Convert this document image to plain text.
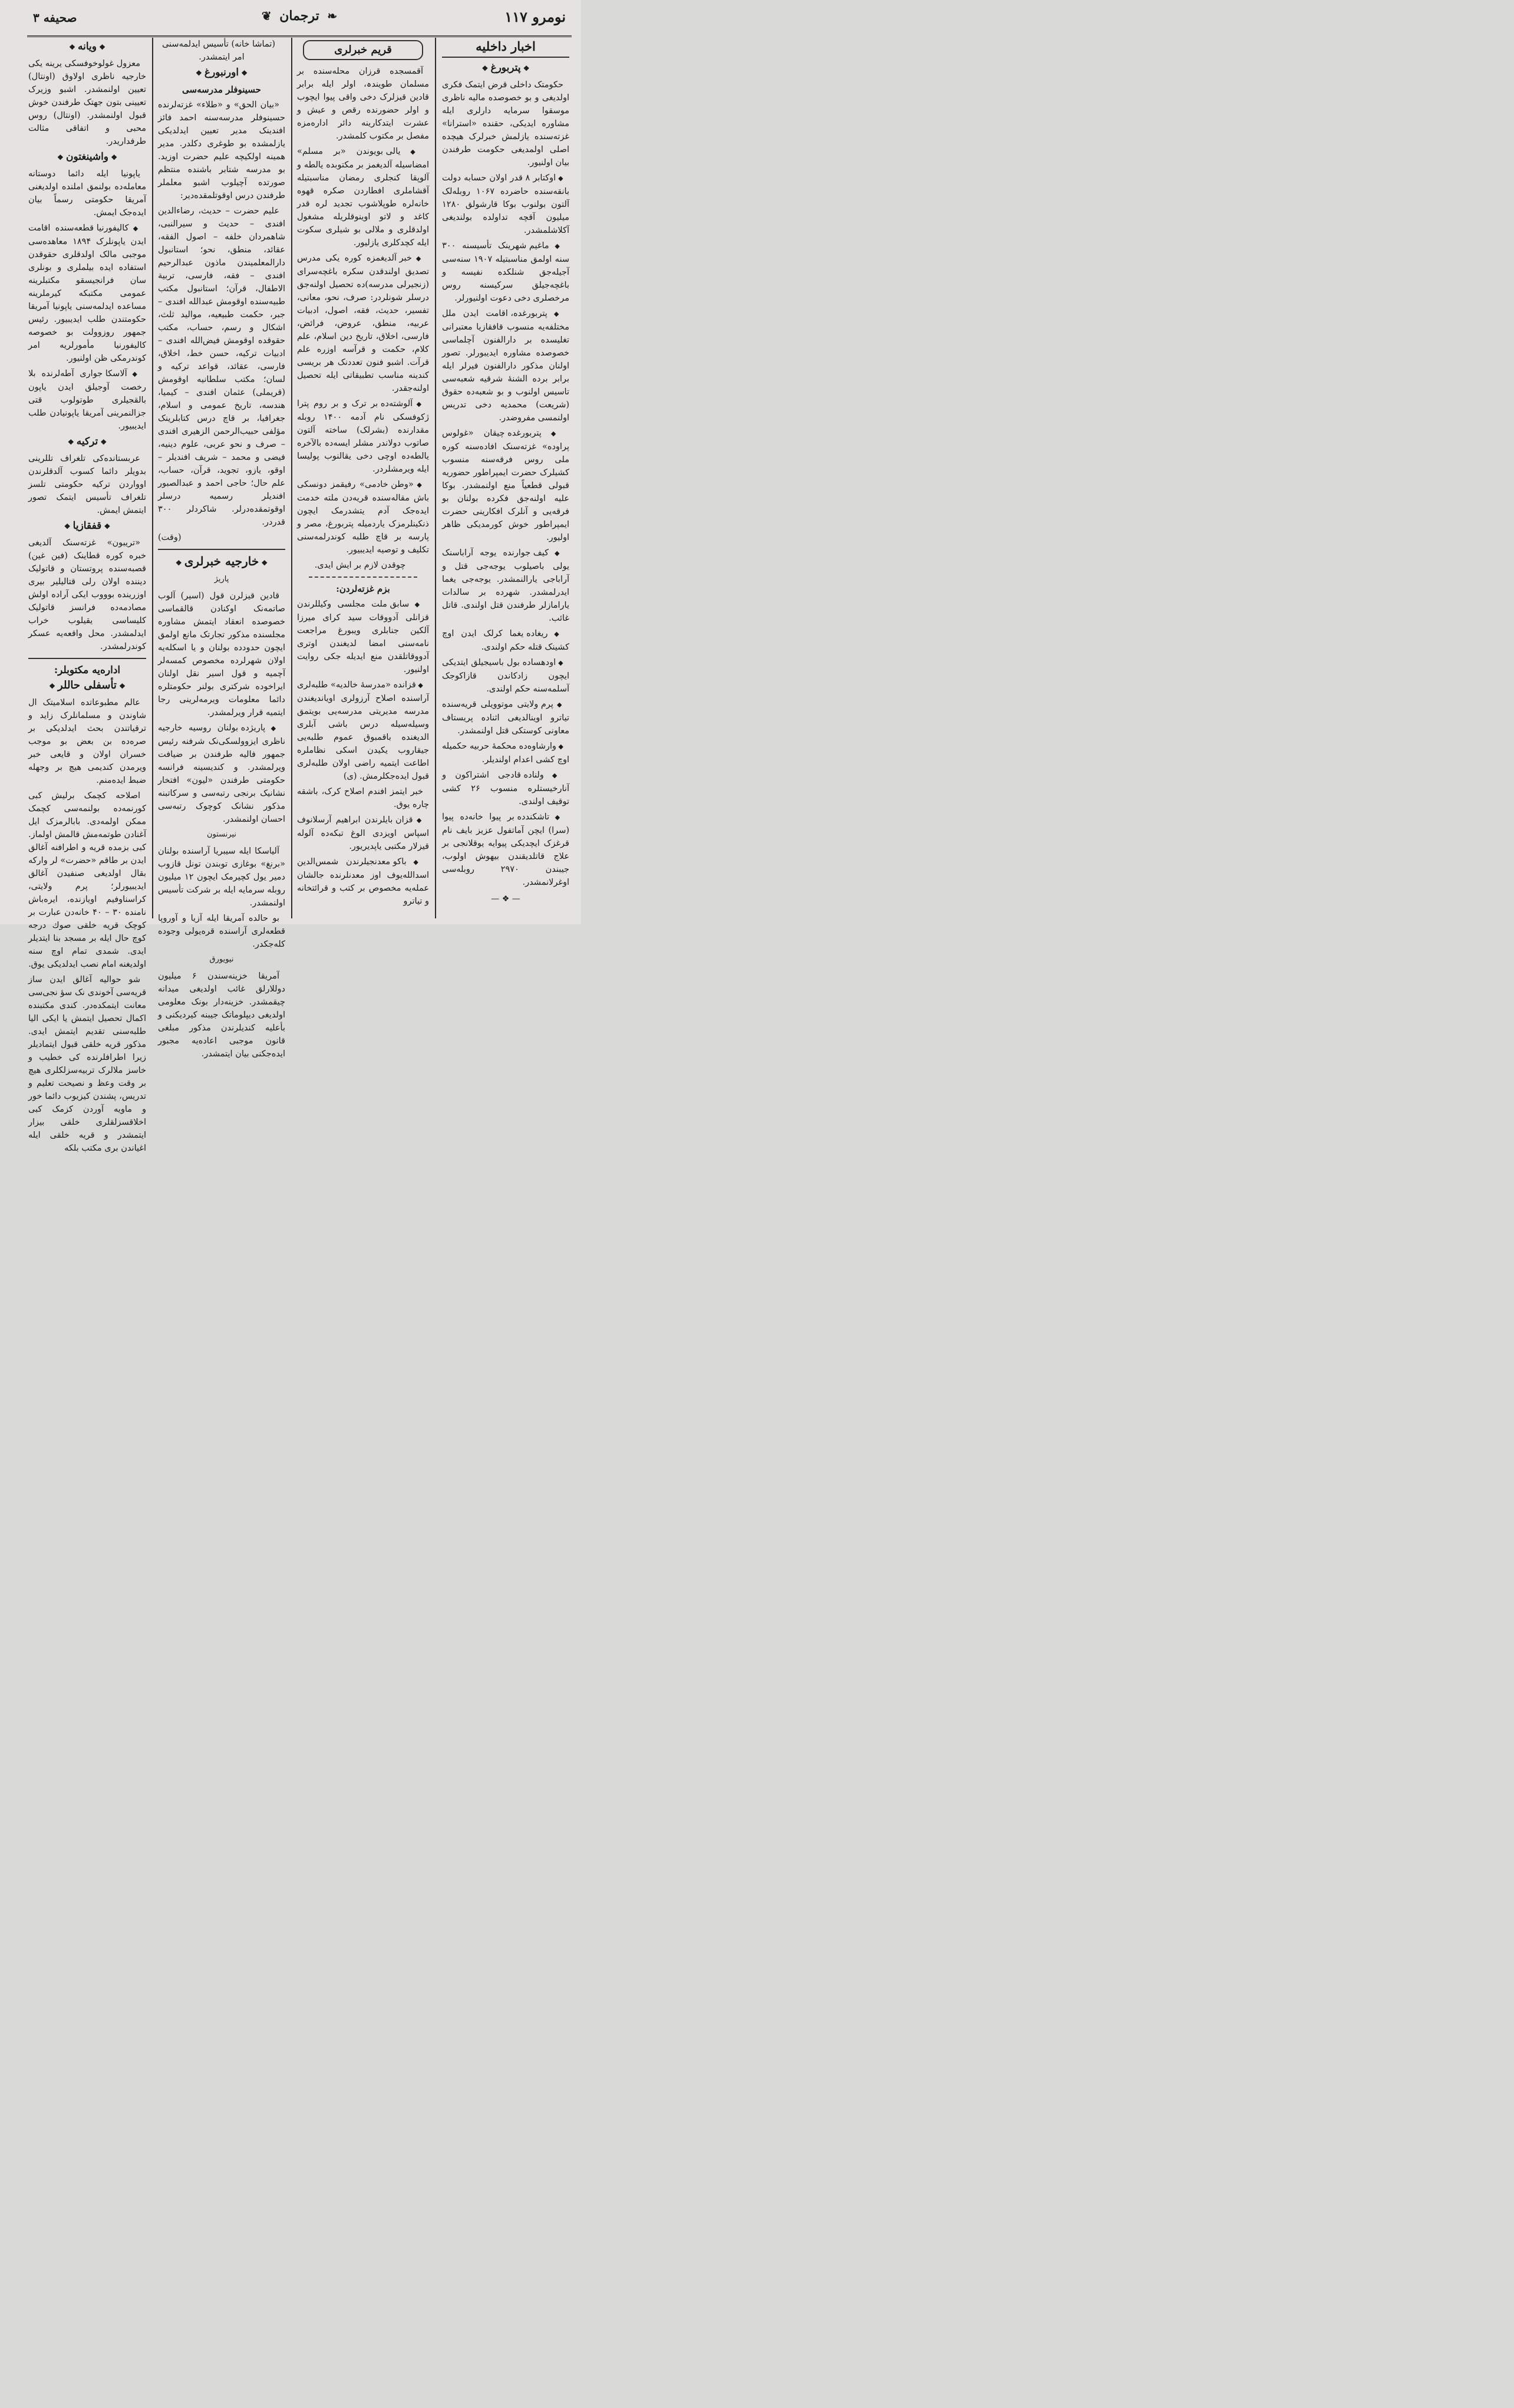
نومرو ۱۱۷
❦ ترجمان ❧
صحیفه ۳
اخبار داخلیه
❖ پتربورغ ❖

حکومتک داخلی قرض ایتمک فکری اولدیغی و بو خصوصده مالیه ناظری موسقوا سرمایه دارلری ایله مشاوره ایدیکی، حقنده «استرانا» غزته‌سنده یازلمش خبرلرک هیچده اصلی اولمدیغی حکومت طرفندن بیان اولنیور.

◆ اوکتابر ۸ قدر اولان حسابه دولت بانقه‌سنده حاضرده ۱۰۶۷ روبله‌لک آلتون بولنوب بوکا قارشولق ۱۲۸۰ میلیون آقچه تداولده بولندیغی آکلاشلمشدر.

◆ ماغیم شهرینک تأسیسنه ۳۰۰ سنه اولمق مناسبتیله ۱۹۰۷ سنه‌سی آجیله‌جق شنلکده نفیسه و باغچه‌جیلق سرکیسنه روس مرخصلری دخی دعوت اولنیورلر.

◆ پتربورغده، اقامت ایدن ملل مختلفه‌یه منسوب قافقازیا معتبرانی تغلیسده بر دارالفنون آچلماسی خصوصده مشاوره ایدیبورلر. تصور اولنان مذکور دارالفنون فیرلر ایله برابر برده الشنهٔ شرقیه شعبه‌سی تاسیس اولنوب و بو شعبه‌ده حقوق (شریعت) محمدیه دخی تدریس اولنمسی مفروضدر.

◆ پتربورغده چیقان «غولوس پراوده» غزته‌سنک افاده‌سنه کوره ملی روس فرقه‌سنه منسوب کشیلرک حضرت ایمپراطور حضوریه قبولی قطعیاً منع اولنمشدر. بوکا علیه اولنه‌جق فکرده بولنان بو فرقه‌یی و آنلرک افکارینی حضرت ایمپراطور خوش کورمدیکی ظاهر اولیور.

◆ کیف جوارنده یوجه آراباسنک یولی باصیلوب یوجه‌جی قتل و آراباجی یارالنمشدر. یوجه‌جی یغما ایدرلمشدر. شهرده بر سالدات یارامازلر طرفندن قتل اولندی. قاتل غائب.

◆ ریغاده یغما کرلک ایدن اوچ کشینک قتله حکم اولندی.

◆ اودهساده بول باسیجیلق ایتدیکی ایچون زادکاندن قازاکوجک آسلمه‌سنه حکم اولندی.

◆ پرم ولایتی موتوویلی قریه‌سنده تیاترو اوینالدیغی اثناده پریستاف معاونی کوستکی قتل اولنمشدر.

◆ وارشاوه‌ده محکمهٔ حربیه حکمیله اوچ کشی اعدام اولندیلر.

◆ ولناده قادجی اشتراکون و آنارخیستلره منسوب ۲۶ کشی توقیف اولندی.

◆ تاشکندده بر پیوا خانه‌ده پیوا (سرا) ایچن آماتفول عزیز بایف نام قرغزک ایچدیکی پیوایه یوقلانجی بر علاج قاتلدیقندن بیهوش اولوب، جیبندن ۲۹۷۰ روبله‌سی اوغرلانمشدر.

— ❖ —
قریم خبرلری

آقمسجده قرزان محله‌سنده بر مسلمان طویندہ، اولر ایله برابر قادین قیزلرک دخی واقی پیوا ایچوب و اولر حضورنده رقص و عیش و عشرت ایتدکارینه دائر اداره‌مزه مفصل بر مکتوب کلمشدر.

◆ یالی بویوندن «بر مسلم» امضاسیله آلدیغمز بر مکتوبده یالطه و آلوپقا کنجلری رمضان مناسبتیله آقشاملری افطاردن صکره قهوه خانه‌لره طوپلاشوب تجدید لره قدر کاغد و لاتو اوینوقلریله مشغول اولدقلری و ملالی بو شیلری سکوت ایله کچدکلری یازلیور.

◆ خبر آلدیغمزه کوره یکی مدرس تصدیق اولندقدن سکره باغچه‌سرای (زنجیرلی مدرسه)‌ده تحصیل اولنه‌جق درسلر شونلردر: صرف، نحو، معانی، تفسیر، حدیث، فقه، اصول، ادبیات عربیه، منطق، عروض، فرائض، فارسی، اخلاق، تاریخ دین اسلام، علم کلام، حکمت و قرآسه اوزره علم قرآت. اشبو فنون تعددنک هر بریسی کندینه مناسب تطبیقاتی ایله تحصیل اولنه‌جقدر.

◆ آلوشته‌ده بر ترک و بر روم پترا ژکوفسکی نام آدمه ۱۴۰۰ روبله مقدارنده (بشرلک) ساخته آلتون صاتوب دولاندر مشلر ایسه‌ده بالآخره یالطه‌ده اوچی دخی یقالنوب پولیسا ایله ویرمشلردر.

◆ «وطن خادمی» رفیقمز دونسکی باش مقاله‌سنده قریه‌دن ملته خدمت ایده‌جک آدم یتشدرمک ایچون ذنکینلرمزک یاردمیله پتربورغ، مصر و پارسه بر قاچ طلبه کوندرلمه‌سنی تکلیف و توصیه ایدیبیور.

چوقدن لازم بر ایش ایدی.

بزم غزته‌لردن:

◆ سابق ملت مجلسی وکیللرندن قزانلی آدووقات سید کرای میرزا آلکین جنابلری ویبورغ مراجعت نامه‌سنی امضا لدیغندن اوتری آدووقاتلقدن منع ایدیله جکی روایت اولنیور.

◆ قزانده «مدرسهٔ خالدیه» طلبه‌لری آراسنده اصلاح آرزولری اویاندیغندن مدرسه مدیریتی مدرسه‌یی بویتمق وسیله‌سیله درس باشی آبلری الدیغنده باقمبوق عموم طلبه‌یی جیقاروب یکیدن اسکی نظاملره اطاعت ایتمیه راضی اولان طلبه‌لری قبول ایده‌جکلرمش. (ی)

خبر ایتمز افندم اصلاح کرک، باشقه چاره یوق.

◆ قزان بایلرندن ابراهیم آرسلانوف اسپاس اویزدی الوغ تبکه‌ده آلوله قیزلار مکتبی یاپدیریور.

◆ باکو معدنجیلرندن شمس‌الدین اسدالله‌یوف اوز معدنلرنده جالشان عمله‌یه مخصوص بر کتب و قرائتخانه و تیاترو

(تماشا خانه) تأسیس ایدلمه‌سنی امر ایتمشدر.

❖ اورنبورغ ❖
حسینوفلر مدرسه‌سی

«بیان الحق» و «طلاء» غزته‌لرنده حسینوفلر مدرسه‌سنه احمد فائز افندینک مدیر تعیین ایدلدیکی یازلمشده بو طوغری دکلدر. مدیر همینه اولکیچه علیم حضرت اوزید. بو مدرسه شتابر باشنده منتظم صورتده آچیلوب اشبو معلملر طرفندن درس اوقوتلمقده‌دیر:

علیم حضرت – حدیث، رضاءالدین افندی – حدیث و سیرالنبی، شاهمردان خلفه – اصول الفقه، عقائد، منطق، نحو؛ استانبول دارالمعلمیندن ماذون عبدالرحیم افندی – فقه، فارسی، تربیة الاطفال، قرآن؛ استانبول مکتب طبیه‌سنده اوقومش عبدالله افندی – جبر، حکمت طبیعیه، موالید ثلث، اشکال و رسم، حساب، مکتب حقوقده اوقومش فیض‌الله افندی – ادبیات ترکیه، حسن خط، اخلاق، فارسی، عقائد، قواعد ترکیه و لسان؛ مکتب سلطانیه اوقومش (قریملی) عثمان افندی – کیمیا، هندسه، تاریخ عمومی و اسلام، جغرافیا، بر قاچ درس کتابلرینک مؤلفی حبیب‌الرحمن الزهیری افندی – صرف و نحو عربی، علوم دینیه، فیضی و محمد – شریف افندیلر – اوقو، یازو، تجوید، قرآن، حساب، علم حال؛ حاجی احمد و عبدالصبور افندیلر رسمیه درسلر اوقوتمقده‌درلر. شاکردلر ۳۰۰ قدردر.

(وقت)

❖ خارجیه خبرلری ❖
پاریژ

قادین قیزلرن قول (اسیر) آلوب صاتمه‌نک اوکنادن قالقماسی خصوصده انعقاد ایتمش مشاوره مجلسنده مذکور تجارتک مانع اولمق ایچون حدودده بولنان و یا اسکله‌یه اولان شهرلرده مخصوص کمسه‌لر آچمیه و قول اسیر نقل اولنان ایراخوده شرکتری بولنر حکومتلره دائما معلومات ویرمه‌لرینی رجا ایتمیه قرار ویرلمشدر.

◆ پاریژده بولنان روسیه خارجیه ناظری ایزوولسکی‌نک شرفنه رئیس جمهور فالیه طرفندن بر ضیافت ویرلمشدر. و کندیسینه فرانسه حکومتی طرفندن «لیون» افتخار نشانیک برنجی رتبه‌سی و سرکاتبنه مذکور نشانک کوچوک رتبه‌سی احسان اولنمشدر.

نیرنستون

آلیاسکا ایله سیبریا آراسنده بولنان «برنغ» بوغازی توبندن تونل قازوب دمیر یول کچیرمک ایچون ۱۲ میلیون روبله سرمایه ایله بر شرکت تأسیس اولنمشدر.

بو حالده آمریقا ایله آزیا و آوروپا قطعه‌لری آراسنده قره‌یولی وجوده کله‌جکدر.

نیویورق

آمریقا خزینه‌سندن ۶ میلیون دوللارلق غائب اولدیغی میدانه چیقمشدر. خزینه‌دار بونک معلومی اولدیغی دیپلوماتک جیبنه کیردیکنی و بأعلیه کندیلرندن مذکور مبلغی قانون موجبی اعاده‌یه مجبور ایده‌جکنی بیان ایتمشدر.

❖ ویانه ❖

معزول غولوخوفسکی یرینه یکی خارجیه ناظری اولاوق (اونتال) تعیین اولنمشدر. اشبو وزیرک تعیینی بتون جهتک طرفندن خوش قبول اولنمشدر. (اونتال) روس محبی و اتفاقی مثالت طرفداریدر.

❖ واشینغتون ❖

یاپونیا ایله دائما دوستانه معامله‌ده بولنمق املنده اولدیغنی آمریقا حکومتی رسماً بیان ایده‌جک ایمش.

◆ کالیفورنیا قطعه‌سنده اقامت ایدن یاپونلرک ۱۸۹۴ معاهده‌سی موجبی مالک اولدقلری حقوقدن استفاده ایده بیلملری و بونلری سان فرانجیسقو مکتبلرینه عمومی مکتبکه کیرملرینه مساعده ایدلمه‌سنی یاپونیا آمریقا حکومتندن طلب ایدیبیور. رئیس جمهور روزوولت بو خصوصه کالیفورنیا مأمورلریه امر کوندرمکی ظن اولنیور.

◆ آلاسکا جواری آطه‌لرنده بلا رخصت آوجیلق ایدن یاپون بالقجیلری طوتولوب قتی جزالنمرینی آمریقا یاپونیادن طلب ایدیبیور.

❖ ترکیه ❖

عربستانده‌کی تلغراف تللرینی بدویلر دائما کسوب آلدقلرندن اوواردن ترکیه حکومتی تلسز تلغراف تأسیس ایتمک تصور ایتمش ایمش.

❖ قفقازیا ❖

«تریبون» غزته‌سنک آلدیغی خبره کوره قطاینک (فین غین) قصبه‌سنده پروتستان و قاتولیک دیننده اولان رلی قتالیلیر بیری اوزرینده بوووب ایکی آراده اولش مصادمه‌ده فرانسز قاتولیک کلیساسی یقیلوب خراب ایدلمشدر. محل واقعه‌یه عسکر کوندرلمشدر.

اداره‌یه مکتوبلر:
❖ تأسفلی حاللر ❖

عالم مطبوعاتده اسلامیتک ال شاوندن و مسلمانلرک زاید و ترقیاتندن بحث ایدلدیکی بر صره‌ده بن بعض بو موجب خسران اولان و قایعی خبر ویرمدن کندیمی هیچ بر وجهله ضبط ایده‌منم.

اصلاحه کچمک برلیش کبی کورنمه‌ده بولنمه‌سی کچمک ممکن اولمه‌دی. بابالرمزک ایل آغنادن طوتمه‌مش قالمش اولماز. کبی بزمده قریه و اطرافنه آغالق ایدن بر طاقم «حضرت» لر وارکه بقال اولدیغی صنفیدن آغالق ایدیبیورلر؛ پرم ولایتی، کراسناوفیم اویازنده، ایره‌باش نامنده ۳۰ – ۴۰ خانه‌دن عبارت بر کوچک قریه خلقی صوك درجه کوچ حال ایله بر مسجد بنا ایتدیلر ایدی. شمدی تمام اوچ سنه اولدیغنه امام نصب ایدلدیکی یوق.

شو حوالیه آغالق ایدن ساز قریه‌سی آخوندی نک سؤ نجی‌سی معانت ایتمکده‌در. کندی مکتبنده اکمال تحصیل ایتمش یا ایکی الیا طلبه‌سنی تقدیم ایتمش ایدی. مذکور قریه خلقی قبول ایتمادیلر زیرا اطرافلرنده کی خطیب و خاسز ملالرک تربیه‌سزلکلری هیچ بر وقت وعظ و نصیحت تعلیم و تدریس، پشندن کیزیوب دائما خور و ماویه آوردن کزمک کبی اخلاقسزلقلری خلقی بیزار ایتمشدر و قریه خلقی ایله اغیاندن بری مکتب بلکه
